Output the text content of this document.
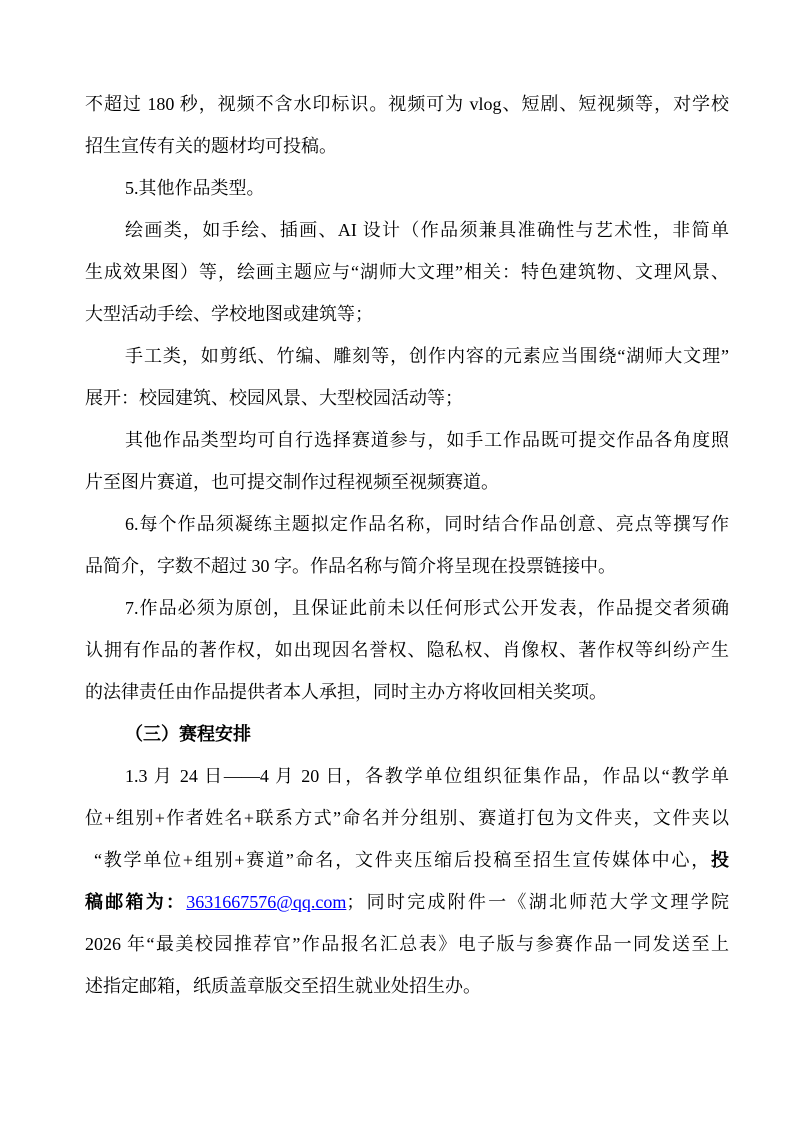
不超过 180 秒，视频不含水印标识。视频可为 vlog、短剧、短视频等，对学校
招生宣传有关的题材均可投稿。
5.其他作品类型。
绘画类，如手绘、插画、AI 设计（作品须兼具准确性与艺术性，非简单
生成效果图）等，绘画主题应与“湖师大文理”相关：特色建筑物、文理风景、
大型活动手绘、学校地图或建筑等；
手工类，如剪纸、竹编、雕刻等，创作内容的元素应当围绕“湖师大文理”
展开：校园建筑、校园风景、大型校园活动等；
其他作品类型均可自行选择赛道参与，如手工作品既可提交作品各角度照
片至图片赛道，也可提交制作过程视频至视频赛道。
6.每个作品须凝练主题拟定作品名称，同时结合作品创意、亮点等撰写作
品简介，字数不超过 30 字。作品名称与简介将呈现在投票链接中。
7.作品必须为原创，且保证此前未以任何形式公开发表，作品提交者须确
认拥有作品的著作权，如出现因名誉权、隐私权、肖像权、著作权等纠纷产生
的法律责任由作品提供者本人承担，同时主办方将收回相关奖项。
（三）赛程安排
1.3 月 24 日——4 月 20 日，各教学单位组织征集作品，作品以“教学单
位+组别+作者姓名+联系方式”命名并分组别、赛道打包为文件夹，文件夹以
“教学单位+组别+赛道”命名，文件夹压缩后投稿至招生宣传媒体中心，投
稿邮箱为：3631667576@qq.com；同时完成附件一《湖北师范大学文理学院
2026 年“最美校园推荐官”作品报名汇总表》电子版与参赛作品一同发送至上
述指定邮箱，纸质盖章版交至招生就业处招生办。
